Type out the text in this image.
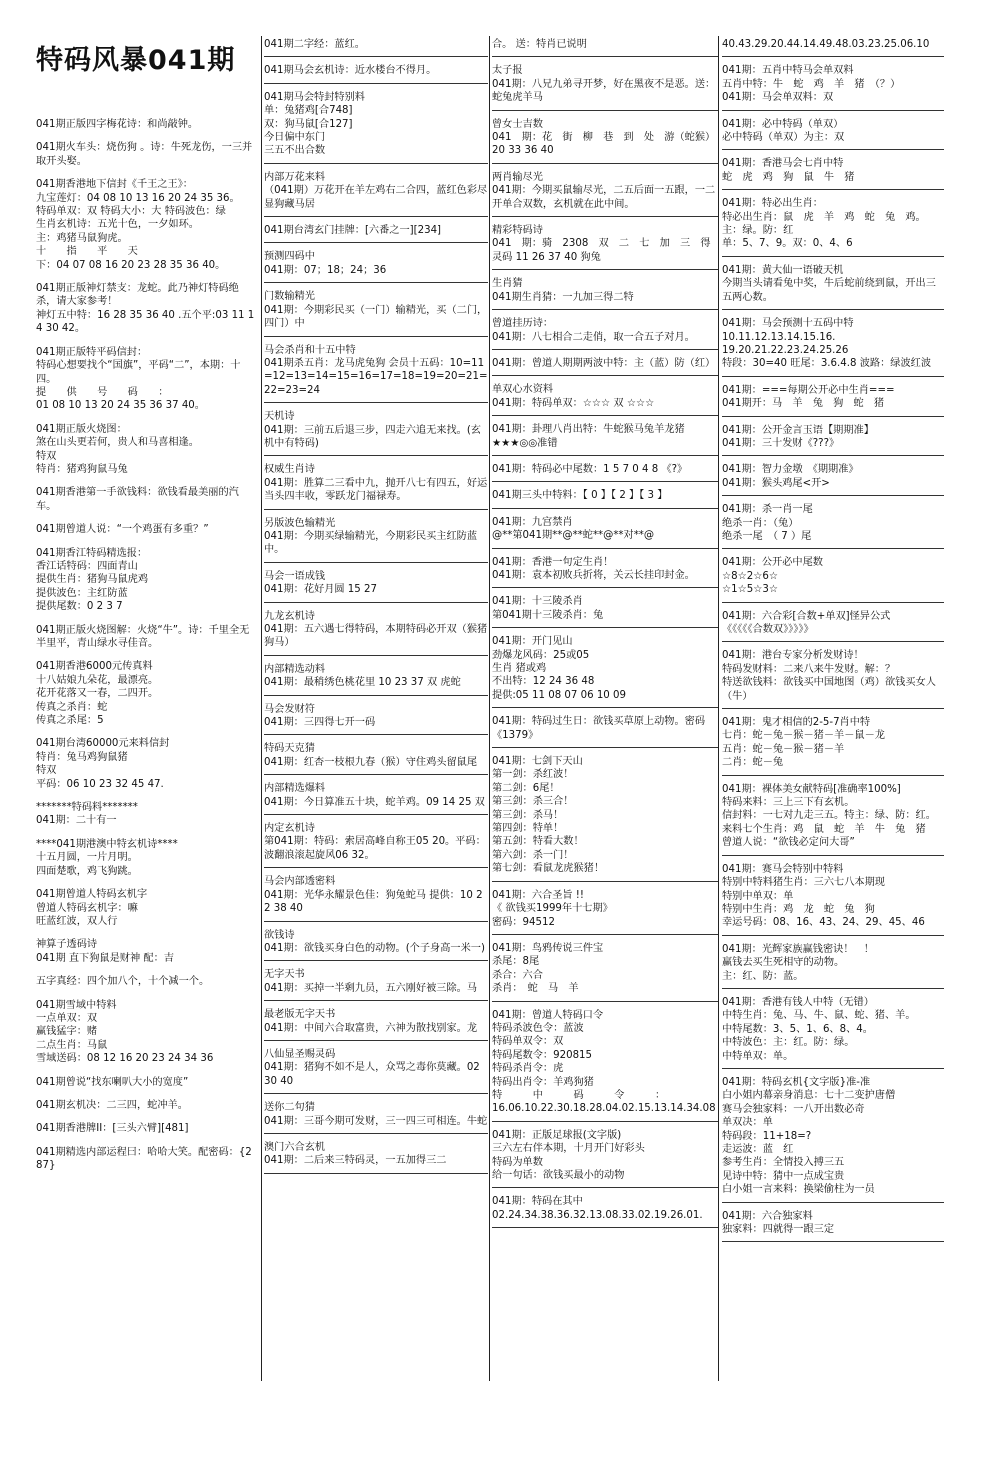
特码风暴041期
041期正版四字梅花诗：和尚敲钟。
041期火车头：烧伤狗 。诗：牛死龙伤，一三并取开头娶。
041期香港地下信封《千王之王》：
九宝莲灯：04 08 10 13 16 20 24 35 36。
特码单双：双 特码大小：大 特码波色：绿
生肖玄机诗：五光十色，一夕如环。
主：鸡猪马鼠狗虎。
十　　指　　平　　天
下：04 07 08 16 20 23 28 35 36 40。
041期正版神灯禁支：龙蛇。此乃神灯特码绝杀，请大家参考！
神灯五中特：16 28 35 36 40 .五个平:03 11 14 30 42。
041期正版特平码信封：
特码心想要找个“国旗”，平码“二”，本期：十四。
提　　供　　号　　码　　：
01 08 10 13 20 24 35 36 37 40。
041期正版火烧图：
煞在山头更若何，贵人和马喜相逢。
特双
特肖：猪鸡狗鼠马兔
041期香港第一手欲钱料：欲钱看最美丽的汽车。
041期曾道人说：“一个鸡蛋有多重？”
041期香江特码精选报：
香江话特码：四面青山
提供生肖：猪狗马鼠虎鸡
提供波色：主红防蓝
提供尾数：0 2 3 7
041期正版火烧图解：火烧“牛”。诗：千里全无半里平，青山绿水寻佳音。
041期香港6000元传真料
十八姑娘九朵花，最漂亮。
花开花落又一春，二四开。
传真之杀肖：蛇
传真之杀尾：5
041期台湾60000元来料信封
特肖：兔马鸡狗鼠猪
特双
平码：06 10 23 32 45 47.
*******特码料*******
041期：二十有一
****041期港澳中特玄机诗****
十五月圆，一片月明。
四面楚歌，鸡飞狗跳。
041期曾道人特码玄机字
曾道人特码玄机字：嘛
旺蓝红波，双人行
神算子透码诗
041期 直下狗鼠是财神 配：吉
五字真经：四个加八个，十个减一个。
041期雪域中特料
一点单双：双
赢钱猛字：赌
二点生肖：马鼠
雪域送码：08 12 16 20 23 24 34 36
041期曾说“找东喇叭大小的宽度”
041期玄机决：二三四，蛇冲羊。
041期香港牌II：[三头六臂][481]
041期精选内部运程曰：哈哈大笑。配密码：{287}
041期二字经：蓝红。
041期马会玄机诗：近水楼台不得月。
041期马会特封特别料
单：兔猪鸡[合748]
双：狗马鼠[合127]
今日偏中东门
三五不出合数
内部万花来料
（041期）万花开在羊左鸡右二合四，蓝红色彩尽显狗藏马居
041期台湾玄门挂牌：[六番之一][234]
预测四码中
041期：07；18；24；36
门数输精光
041期：今期彩民买（一门）输精光，买（二门，四门）中
马会杀肖和十五中特
041期杀五肖：龙马虎兔狗 会员十五码：10=11=12=13=14=15=16=17=18=19=20=21=22=23=24
天机诗
041期：三前五后退三步，四走六追无来找。(玄机中有特码)
权威生肖诗
041期：胜算二三看中九，抛开八七有四五，好运当头四丰收，零跃龙门福禄寿。
另版波色输精光
041期：今期买绿输精光，今期彩民买主红防蓝中。
马会一语成钱
041期：花好月圆 15 27
九龙玄机诗
041期：五六遇七得特码，本期特码必开双（猴猪狗马）
内部精选动料
041期：最稍绣色桃花里 10 23 37 双 虎蛇
马会发财符
041期：三四得七开一码
特码天克猜
041期：红杏一枝根九春（猴）守住鸡头留鼠尾
内部精选爆料
041期：今日算准五十块，蛇羊鸡。09 14 25 双
内定玄机诗
第041期：特码：索居高峰自称王05 20。平码：波翻浪滚起旋风06 32。
马会内部透密料
041期：光华永耀景色佳：狗兔蛇马 提供：10 22 38 40
欲钱诗
041期：欲钱买身白色的动物。(个子身高一米一)
无字天书
041期：买掉一半剩九员，五六刚好被三除。马
最老版无字天书
041期：中间六合取富贵，六神为散找别家。龙
八仙显圣赐灵码
041期：猪狗不如不是人，众骂之毒你莫藏。02 30 40
送你二句猜
041期：三哥今期可发财，三一四三可相连。牛蛇
澳门六合玄机
041期：二后来三特码灵，一五加得三二
合。 送：特肖已说明
太子报
041期：八兄九弟寻开梦，好在黑夜不是恶。送：蛇兔虎羊马
曾女士吉数
041　期：花　街　柳　巷　到　处　游（蛇猴）20 33 36 40
两肖输尽光
041期：今期买鼠输尽光，二五后面一五跟，一二开单合双数，玄机就在此中间。
精彩特码诗
041　期：骑　2308　双　二　七　加　三　得　灵码 11 26 37 40 狗兔
生肖猜
041期生肖猜：一九加三得二特
曾道挂历诗：
041期：八七相合二走俏，取一合五子对月。
041期：曾道人期期两波中特：主（蓝）防（红）
单双心水资料
041期：特码单双：☆☆☆ 双 ☆☆☆
041期：卦理八肖出特：牛蛇猴马兔羊龙猪
★★★◎◎准错
041期：特码必中尾数：1 5 7 0 4 8 《?》
041期三头中特料：【 0 】【 2 】【 3 】
041期：九宫禁肖
@**第041期**@**蛇**@**对**@
041期：香港一句定生肖！
041期：袁本初败兵折将，关云长挂印封金。
041期：十三陵杀肖
第041期十三陵杀肖：兔
041期：开门见山
劲爆龙风码：25或05
生肖 猪或鸡
不出特：12 24 36 48
提供:05 11 08 07 06 10 09
041期：特码过生日：欲钱买草原上动物。密码《1379》
041期：七剑下天山
第一剑：杀红波！
第二剑：6尾！
第三剑：杀三合！
第三剑：杀马！
第四剑：特单！
第五剑：特看大数！
第六剑：杀一门！
第七剑：看鼠龙虎猴猪！
041期：六合圣旨 !!
《 欲钱买1999年十七期》
密码：94512
041期：鸟鸦传说三件宝
杀尾：8尾
杀合：六合
杀肖：　蛇　马　羊
041期：曾道人特码口令
特码杀波色令：蓝波
特码单双令：双
特码尾数令：920815
特码杀肖令：虎
特码出肖令：羊鸡狗猪
特　　　中　　　码　　　令　　　：
16.06.10.22.30.18.28.04.02.15.13.14.34.08
041期：正版足球报(文字版)
三六左右伴本期，十月开门好彩头
特码为单数
给一句话：欲钱买最小的动物
041期：特码在其中
02.24.34.38.36.32.13.08.33.02.19.26.01.
40.43.29.20.44.14.49.48.03.23.25.06.10
041期：五肖中特马会单双料
五肖中特：牛　蛇　鸡　羊　猪　（？）
041期：马会单双料：双
041期：必中特码（单双）
必中特码（单双）为主：双
041期：香港马会七肖中特
蛇　虎　鸡　狗　鼠　牛　猪
041期：特必出生肖：
特必出生肖：鼠　虎　羊　鸡　蛇　兔　鸡。
主：绿。防：红
单：5、7、9。双：0、4、6
041期：黄大仙一语破天机
今期当头请看兔中奖，牛后蛇前绕到鼠，开出三五两心数。
041期：马会预测十五码中特
10.11.12.13.14.15.16.
19.20.21.22.23.24.25.26
特段：30=40 旺尾：3.6.4.8 波路：绿波红波
041期：===每期公开必中生肖===
041期开：马　羊　兔　狗　蛇　猪
041期：公开金言玉语【期期准】
041期：三十发财《???》
041期：智力金墩　《期期准》
041期：猴头鸡尾<开>
041期：杀一肖一尾
绝杀一肖：（兔）
绝杀一尾　（ 7 ）尾
041期：公开必中尾数
☆8☆2☆6☆
☆1☆5☆3☆
041期：六合彩[合数+单双]怪异公式
《《《《《合数双》》》》》
041期：港台专家分析发财诗！
特码发财料：二来八来牛发财。解：？
特送欲钱料：欲钱买中国地图（鸡）欲钱买女人（牛）
041期：鬼才相信的2-5-7肖中特
七肖：蛇－兔－猴－猪－羊－鼠－龙
五肖：蛇－兔－猴－猪－羊
二肖：蛇－兔
041期：裸体美女献特码[准确率100%]
特码来料：三上三下有玄机。
信封料：一七对九走三五。特主：绿、防：红。
来料七个生肖：鸡　鼠　蛇　羊　牛　兔　猪
曾道人说：“欲钱必定问大哥”
041期：赛马会特别中特料
特别中特料猪生肖：三六七八本期现
特别中单双：单
特别中生肖：鸡　龙　蛇　兔　狗
幸运号码：08、16、43、24、29、45、46
041期：光辉家族赢钱密诀！　！
赢钱去买生死相守的动物。
主：红、防：蓝。
041期：香港有钱人中特（无错）
中特生肖：兔、马、牛、鼠、蛇、猪、羊。
中特尾数：3、5、1、6、8、4。
中特波色：主：红。防：绿。
中特单双：单。
041期：特码玄机{文字版}准-准
白小姐内幕亲身消息：七十二变护唐僧
赛马会独家料：一八开出数必奇
单双决：单
特码段：11+18=?
走运波：蓝　红
参考生肖：全情投入搏三五
见诗中特：猜中一点成宝贵
白小姐一言来料：换梁偷柱为一员
041期：六合独家料
独家料：四就得一跟三定
